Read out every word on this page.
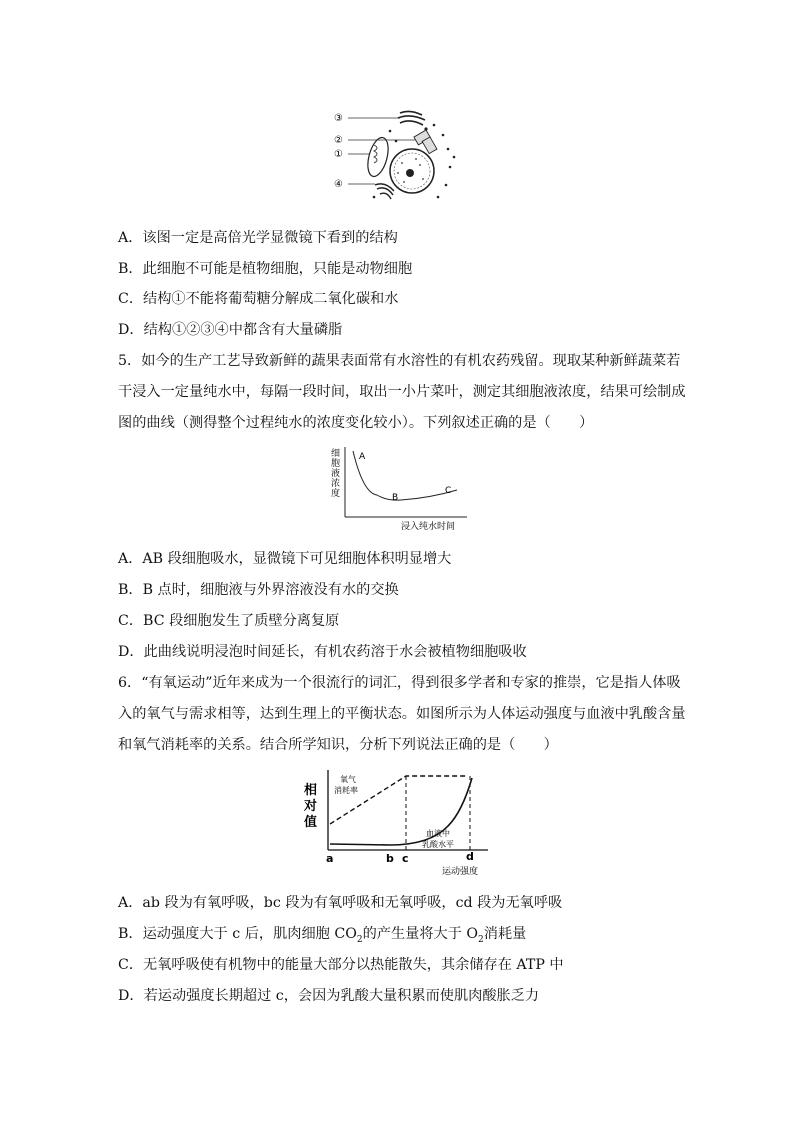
③
②
①
④
A．该图一定是高倍光学显微镜下看到的结构
B．此细胞不可能是植物细胞，只能是动物细胞
C．结构①不能将葡萄糖分解成二氧化碳和水
D．结构①②③④中都含有大量磷脂
5．如今的生产工艺导致新鲜的蔬果表面常有水溶性的有机农药残留。现取某种新鲜蔬菜若
干浸入一定量纯水中，每隔一段时间，取出一小片菜叶，测定其细胞液浓度，结果可绘制成
图的曲线（测得整个过程纯水的浓度变化较小）。下列叙述正确的是（　　）
细
胞
液
浓
度
A
B
C
浸入纯水时间
A．AB 段细胞吸水，显微镜下可见细胞体积明显增大
B．B 点时，细胞液与外界溶液没有水的交换
C．BC 段细胞发生了质壁分离复原
D．此曲线说明浸泡时间延长，有机农药溶于水会被植物细胞吸收
6．“有氧运动”近年来成为一个很流行的词汇，得到很多学者和专家的推崇，它是指人体吸
入的氧气与需求相等，达到生理上的平衡状态。如图所示为人体运动强度与血液中乳酸含量
和氧气消耗率的关系。结合所学知识，分析下列说法正确的是（　　）
相
对
值
氧气
消耗率
血液中
乳酸水平
a	b c	d
运动强度
A．ab 段为有氧呼吸，bc 段为有氧呼吸和无氧呼吸，cd 段为无氧呼吸
B．运动强度大于 c 后，肌肉细胞 $CO_2$的产生量将大于 $O_2$消耗量
C．无氧呼吸使有机物中的能量大部分以热能散失，其余储存在 ATP 中
D．若运动强度长期超过 c，会因为乳酸大量积累而使肌肉酸胀乏力
